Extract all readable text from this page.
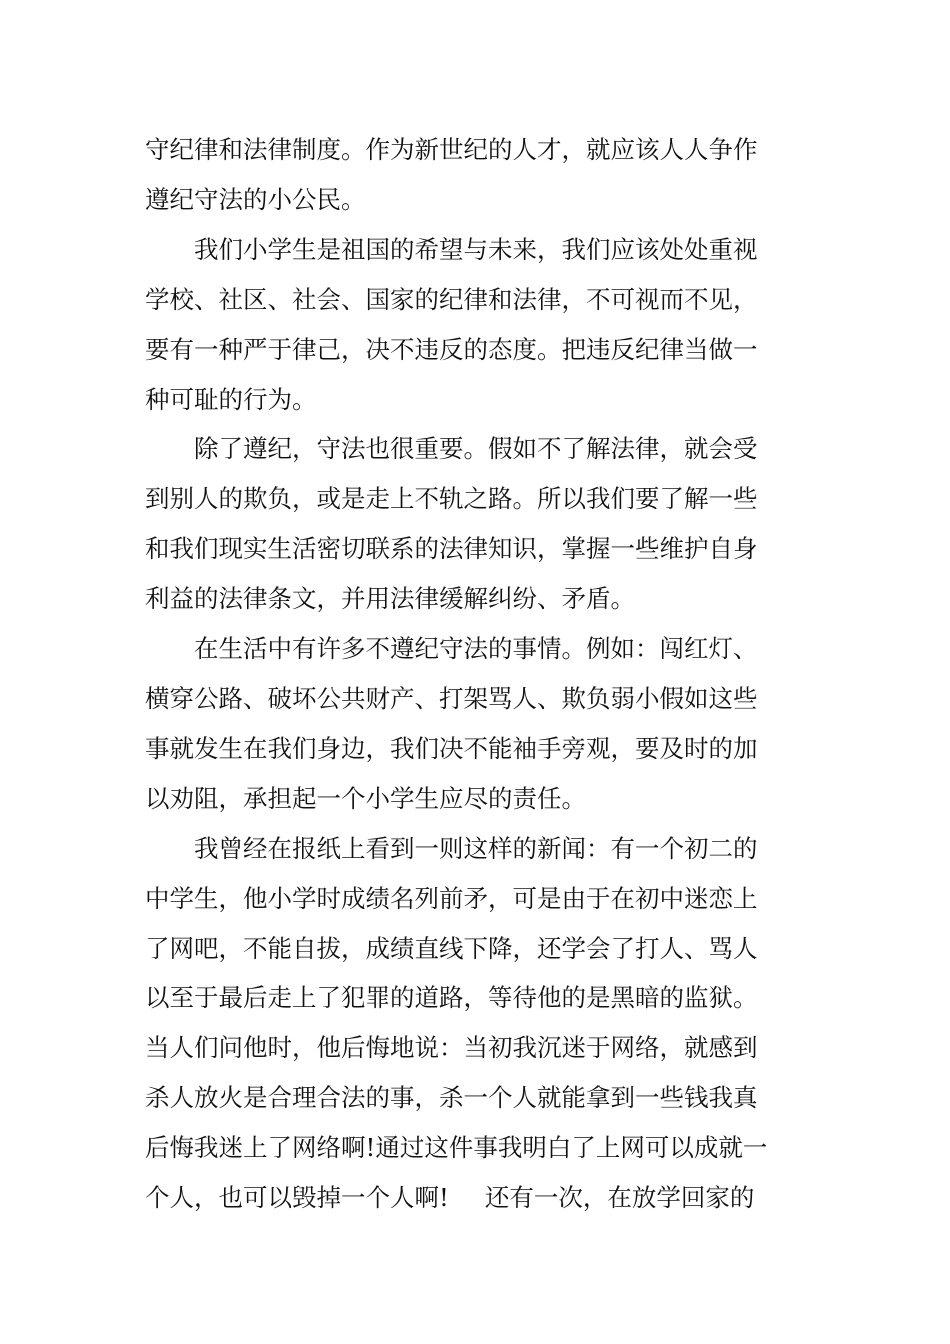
守纪律和法律制度。作为新世纪的人才，就应该人人争作

遵纪守法的小公民。

　　我们小学生是祖国的希望与未来，我们应该处处重视

学校、社区、社会、国家的纪律和法律，不可视而不见，

要有一种严于律己，决不违反的态度。把违反纪律当做一

种可耻的行为。

　　除了遵纪，守法也很重要。假如不了解法律，就会受

到别人的欺负，或是走上不轨之路。所以我们要了解一些

和我们现实生活密切联系的法律知识，掌握一些维护自身

利益的法律条文，并用法律缓解纠纷、矛盾。

　　在生活中有许多不遵纪守法的事情。例如：闯红灯、

横穿公路、破坏公共财产、打架骂人、欺负弱小假如这些

事就发生在我们身边，我们决不能袖手旁观，要及时的加

以劝阻，承担起一个小学生应尽的责任。

　　我曾经在报纸上看到一则这样的新闻：有一个初二的

中学生，他小学时成绩名列前矛，可是由于在初中迷恋上

了网吧，不能自拔，成绩直线下降，还学会了打人、骂人

以至于最后走上了犯罪的道路，等待他的是黑暗的监狱。

当人们问他时，他后悔地说：当初我沉迷于网络，就感到

杀人放火是合理合法的事，杀一个人就能拿到一些钱我真

后悔我迷上了网络啊!通过这件事我明白了上网可以成就一

个人，也可以毁掉一个人啊! 还有一次，在放学回家的
